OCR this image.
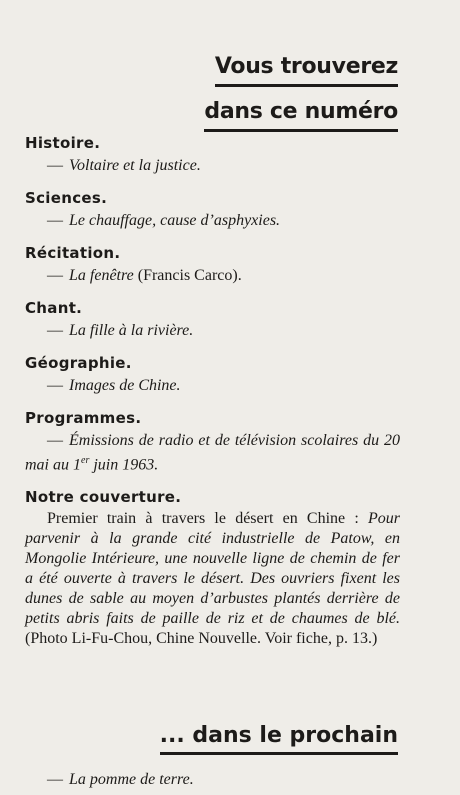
Vous trouverez
dans ce numéro
Histoire.
— Voltaire et la justice.
Sciences.
— Le chauffage, cause d’asphyxies.
Récitation.
— La fenêtre (Francis Carco).
Chant.
— La fille à la rivière.
Géographie.
— Images de Chine.
Programmes.
— Émissions de radio et de télévision scolaires du 20 mai au 1er juin 1963.
Notre couverture.
Premier train à travers le désert en Chine : Pour parvenir à la grande cité industrielle de Patow, en Mongolie Intérieure, une nouvelle ligne de chemin de fer a été ouverte à travers le désert. Des ouvriers fixent les dunes de sable au moyen d’arbustes plantés derrière de petits abris faits de paille de riz et de chaumes de blé. (Photo Li-Fu-Chou, Chine Nouvelle. Voir fiche, p. 13.)
... dans le prochain
— La pomme de terre.
